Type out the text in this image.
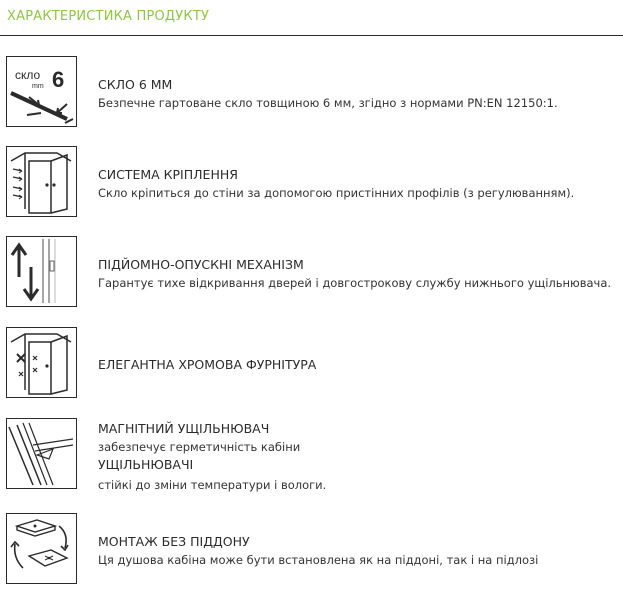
ХАРАКТЕРИСТИКА ПРОДУКТУ
скло
mm 6	СКЛО 6 ММ
Безпечне гартоване скло товщиною 6 мм, згідно з нормами PN:EN 12150:1.
СИСТЕМА КРІПЛЕННЯ
Скло кріпиться до стіни за допомогою пристінних профілів (з регулюванням).
ПІДЙОМНО-ОПУСКНІ МЕХАНІЗМ
Гарантує тихе відкривання дверей і довгострокову службу нижнього ущільнювача.
ЕЛЕГАНТНА ХРОМОВА ФУРНІТУРА
МАГНІТНИЙ УЩІЛЬНЮВАЧ
забезпечує герметичність кабіни
УЩІЛЬНЮВАЧІ
стійкі до зміни температури і вологи.
МОНТАЖ БЕЗ ПІДДОНУ
Ця душова кабіна може бути встановлена як на піддоні, так і на підлозі
